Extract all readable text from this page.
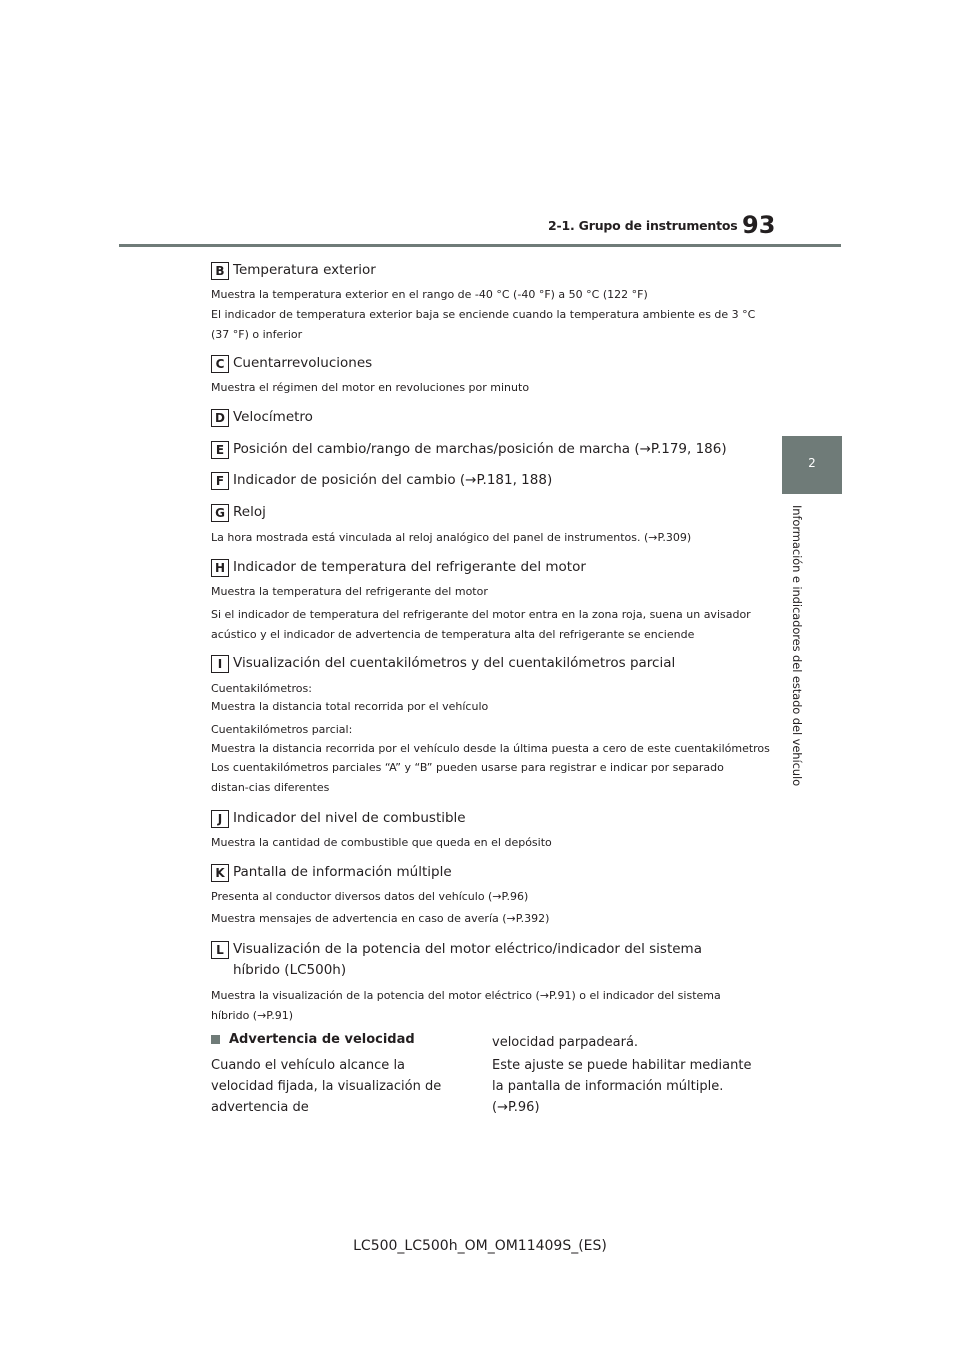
2-1. Grupo de instrumentos 93
2
Información e indicadores del estado del vehículo
B Temperatura exterior
Muestra la temperatura exterior en el rango de -40 °C (-40 °F) a 50 °C (122 °F)
El indicador de temperatura exterior baja se enciende cuando la temperatura ambiente es de 3 °C (37 °F) o inferior
C Cuentarrevoluciones
Muestra el régimen del motor en revoluciones por minuto
D Velocímetro
E Posición del cambio/rango de marchas/posición de marcha (→P.179, 186)
F Indicador de posición del cambio (→P.181, 188)
G Reloj
La hora mostrada está vinculada al reloj analógico del panel de instrumentos. (→P.309)
H Indicador de temperatura del refrigerante del motor
Muestra la temperatura del refrigerante del motor
Si el indicador de temperatura del refrigerante del motor entra en la zona roja, suena un avisador acústico y el indicador de advertencia de temperatura alta del refrigerante se enciende
I Visualización del cuentakilómetros y del cuentakilómetros parcial
Cuentakilómetros:
Muestra la distancia total recorrida por el vehículo
Cuentakilómetros parcial:
Muestra la distancia recorrida por el vehículo desde la última puesta a cero de este cuentakilómetros
Los cuentakilómetros parciales “A” y “B” pueden usarse para registrar e indicar por separado distan-cias diferentes
J Indicador del nivel de combustible
Muestra la cantidad de combustible que queda en el depósito
K Pantalla de información múltiple
Presenta al conductor diversos datos del vehículo (→P.96)
Muestra mensajes de advertencia en caso de avería (→P.392)
L Visualización de la potencia del motor eléctrico/indicador del sistema híbrido (LC500h)
Muestra la visualización de la potencia del motor eléctrico (→P.91) o el indicador del sistema híbrido (→P.91)
Advertencia de velocidad
Cuando el vehículo alcance la velocidad fijada, la visualización de advertencia de
velocidad parpadeará.
Este ajuste se puede habilitar mediante la pantalla de información múltiple. (→P.96)
LC500_LC500h_OM_OM11409S_(ES)
